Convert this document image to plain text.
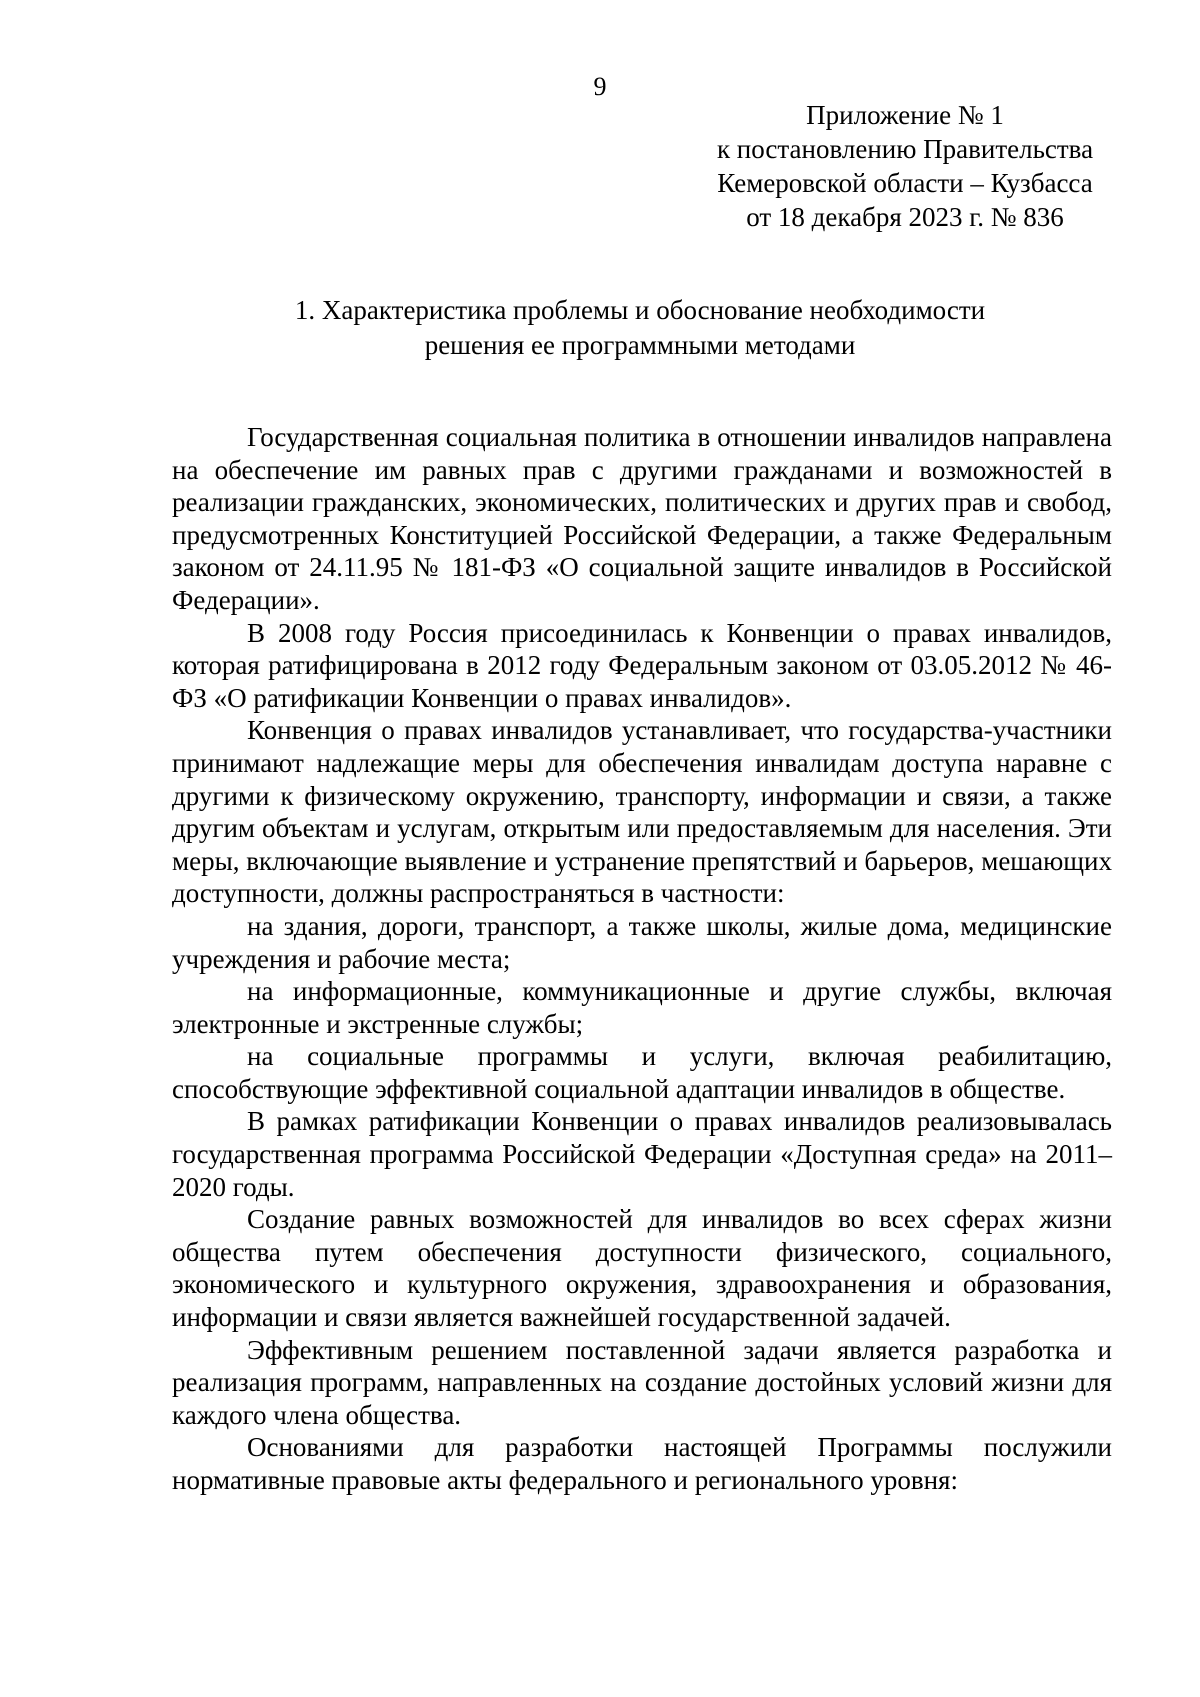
9
Приложение № 1
к постановлению Правительства
Кемеровской области – Кузбасса
от 18 декабря 2023 г. № 836
1. Характеристика проблемы и обоснование необходимости
решения ее программными методами

Государственная социальная политика в отношении инвалидов направлена на обеспечение им равных прав с другими гражданами и возможностей в реализации гражданских, экономических, политических и других прав и свобод, предусмотренных Конституцией Российской Федерации, а также Федеральным законом от 24.11.95 № 181-ФЗ «О социальной защите инвалидов в Российской Федерации».

В 2008 году Россия присоединилась к Конвенции о правах инвалидов, которая ратифицирована в 2012 году Федеральным законом от 03.05.2012 № 46-ФЗ «О ратификации Конвенции о правах инвалидов».

Конвенция о правах инвалидов устанавливает, что государства-участники принимают надлежащие меры для обеспечения инвалидам доступа наравне с другими к физическому окружению, транспорту, информации и связи, а также другим объектам и услугам, открытым или предоставляемым для населения. Эти меры, включающие выявление и устранение препятствий и барьеров, мешающих доступности, должны распространяться в частности:

на здания, дороги, транспорт, а также школы, жилые дома, медицинские учреждения и рабочие места;

на информационные, коммуникационные и другие службы, включая электронные и экстренные службы;

на социальные программы и услуги, включая реабилитацию, способствующие эффективной социальной адаптации инвалидов в обществе.

В рамках ратификации Конвенции о правах инвалидов реализовывалась государственная программа Российской Федерации «Доступная среда» на 2011–2020 годы.

Создание равных возможностей для инвалидов во всех сферах жизни общества путем обеспечения доступности физического, социального, экономического и культурного окружения, здравоохранения и образования, информации и связи является важнейшей государственной задачей.

Эффективным решением поставленной задачи является разработка и реализация программ, направленных на создание достойных условий жизни для каждого члена общества.

Основаниями для разработки настоящей Программы послужили нормативные правовые акты федерального и регионального уровня:
